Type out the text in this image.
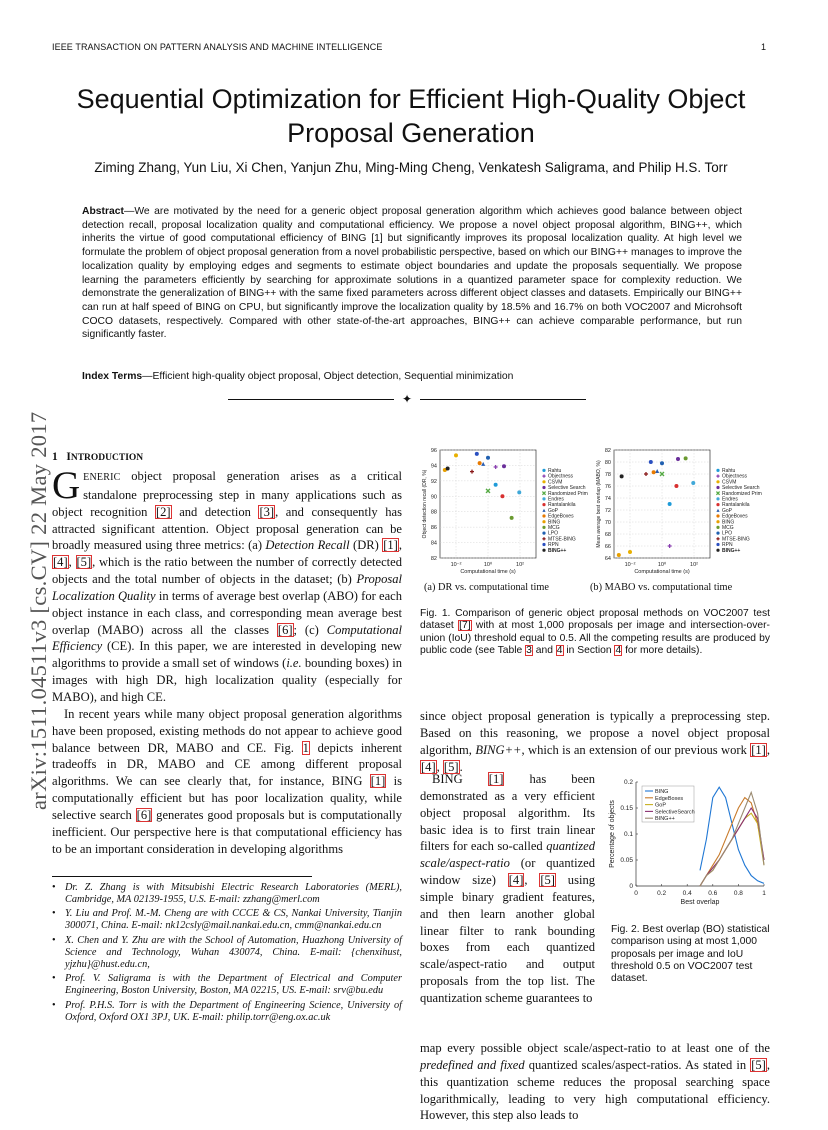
IEEE TRANSACTION ON PATTERN ANALYSIS AND MACHINE INTELLIGENCE	1
Sequential Optimization for Efficient High-Quality Object Proposal Generation
Ziming Zhang, Yun Liu, Xi Chen, Yanjun Zhu, Ming-Ming Cheng, Venkatesh Saligrama, and Philip H.S. Torr
Abstract—We are motivated by the need for a generic object proposal generation algorithm which achieves good balance between object detection recall, proposal localization quality and computational efficiency. We propose a novel object proposal algorithm, BING++, which inherits the virtue of good computational efficiency of BING [1] but significantly improves its proposal localization quality. At high level we formulate the problem of object proposal generation from a novel probabilistic perspective, based on which our BING++ manages to improve the localization quality by employing edges and segments to estimate object boundaries and update the proposals sequentially. We propose learning the parameters efficiently by searching for approximate solutions in a quantized parameter space for complexity reduction. We demonstrate the generalization of BING++ with the same fixed parameters across different object classes and datasets. Empirically our BING++ can run at half speed of BING on CPU, but significantly improve the localization quality by 18.5% and 16.7% on both VOC2007 and Microhsoft COCO datasets, respectively. Compared with other state-of-the-art approaches, BING++ can achieve comparable performance, but run significantly faster.
Index Terms—Efficient high-quality object proposal, Object detection, Sequential minimization
✦
arXiv:1511.04511v3 [cs.CV] 22 May 2017 1 INTRODUCTION

GENERIC object proposal generation arises as a critical standalone preprocessing step in many applications such as object recognition [2] and detection [3], and consequently has attracted significant attention. Object proposal generation can be broadly measured using three metrics: (a) Detection Recall (DR) [1], [4], [5], which is the ratio between the number of correctly detected objects and the total number of objects in the dataset; (b) Proposal Localization Quality in terms of average best overlap (ABO) for each object instance in each class, and corresponding mean average best overlap (MABO) across all the classes [6]; (c) Computational Efficiency (CE). In this paper, we are interested in developing new algorithms to provide a small set of windows (i.e. bounding boxes) in images with high DR, high localization quality (especially for MABO), and high CE.

In recent years while many object proposal generation algorithms have been proposed, existing methods do not appear to achieve good balance between DR, MABO and CE. Fig. 1 depicts inherent tradeoffs in DR, MABO and CE among different proposal algorithms. We can see clearly that, for instance, BING [1] is computationally efficient but has poor localization quality, while selective search [6] generates good proposals but is computationally inefficient. Our perspective here is that computational efficiency has to be an important consideration in developing algorithms

• Dr. Z. Zhang is with Mitsubishi Electric Research Laboratories (MERL), Cambridge, MA 02139-1955, U.S. E-mail: zzhang@merl.com
• Y. Liu and Prof. M.-M. Cheng are with CCCE & CS, Nankai University, Tianjin 300071, China. E-mail: nk12csly@mail.nankai.edu.cn, cmm@nankai.edu.cn
• X. Chen and Y. Zhu are with the School of Automation, Huazhong University of Science and Technology, Wuhan 430074, China. E-mail: {chenxihust, yjzhu}@hust.edu.cn,
• Prof. V. Saligrama is with the Department of Electrical and Computer Engineering, Boston University, Boston, MA 02215, US. E-mail: srv@bu.edu
• Prof. P.H.S. Torr is with the Department of Engineering Science, University of Oxford, Oxford OX1 3PJ, UK. E-mail: philip.torr@eng.ox.ac.uk
82
84
86
88
90
92
94
96
10⁻²	10⁰	10²
Computational time (s)
Object detection recall (DR, %)	Rahtu
Objectness
CSVM
Selective Search
Randomized Prim
Endres
Rantalankila
GoP
EdgeBoxes
BING
MCG
LPO
MTSE-BING
RPN
BING++
64
66
68
70
72
74
76
78
80
82
10⁻²	10⁰	10²
Computational time (s)
Mean average best overlap (MABO, %)	Rahtu
Objectness
CSVM
Selective Search
Randomized Prim
Endres
Rantalankila
GoP
EdgeBoxes
BING
MCG
LPO
MTSE-BING
RPN
BING++
(a) DR vs. computational time	(b) MABO vs. computational time
Fig. 1. Comparison of generic object proposal methods on VOC2007 test dataset [7] with at most 1,000 proposals per image and intersection-over-union (IoU) threshold equal to 0.5. All the competing results are produced by public code (see Table 3 and 4 in Section 4 for more details).

since object proposal generation is typically a preprocessing step. Based on this reasoning, we propose a novel object proposal algorithm, BING++, which is an extension of our previous work [1], [4], [5].

BING [1] has been demonstrated as a very efficient object proposal algorithm. Its basic idea is to first train linear filters for each so-called quantized scale/aspect-ratio (or quantized window size) [4], [5] using simple binary gradient features, and then learn another global linear filter to rank bounding boxes from each quantized scale/aspect-ratio and output proposals from the top list. The quantization scheme guarantees to

0
0.05
0.1
0.15
0.2
0	0.2	0.4	0.6	0.8	1
Best overlap
Percentage of objects
BING
EdgeBoxes
GoP
SelectiveSearch
BING++
Fig. 2. Best overlap (BO) statistical comparison using at most 1,000 proposals per image and IoU threshold 0.5 on VOC2007 test dataset.

map every possible object scale/aspect-ratio to at least one of the predefined and fixed quantized scales/aspect-ratios. As stated in [5], this quantization scheme reduces the proposal searching space logarithmically, leading to very high computational efficiency. However, this step also leads to
